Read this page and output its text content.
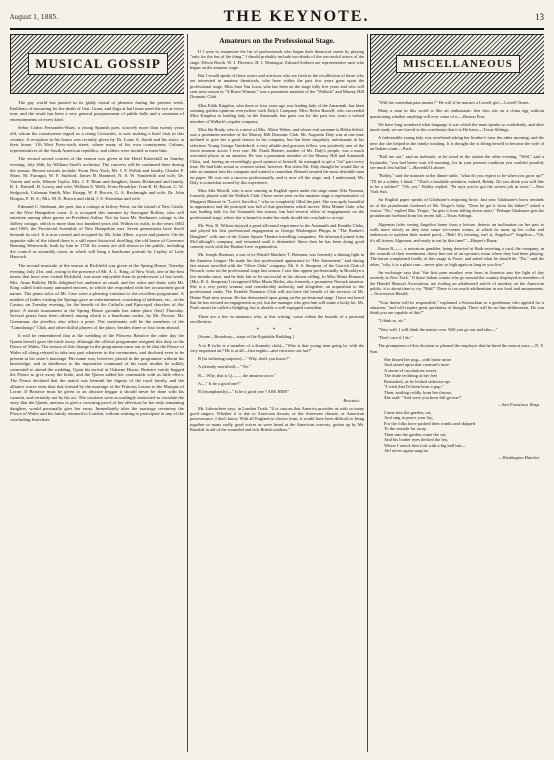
August 1, 1885.	THE KEYNOTE.	13
MUSICAL GOSSIP

The gay world has paused in its giddy round of pleasure during the present week. Emblems of mourning for the death of Gen. Grant, and flags at half mast meet the eye at every turn, and the result has been a very general postponement of public balls and a cessation of entertainments of every kind.

Señor Carlos Fernandez-Shaw, a young Spanish poet, scarcely more than twenty years old, whom his countrymen regard as a rising Cervantes, is now making a brief visit in this country. A reception in his honor was recently given by Dr. Louis A. Sarah and his sister, at their home, 116 West Forty-sixth street, where many of his own countrymen, Cubans, representatives of the South American republics, and others were invited to meet him.

The second sacred concert of the season was given at the Hotel Katerskill on Sunday evening, July 26th, by William Stoel's orchestra. The concerts will be continued there during the season. Recent arrivals include: From New York, Mr. J. F. Pollak and family, Charles P. Shaw, M. Farragut, W. F. Stafford, James H. Hammel, N. S. W. Vanderbilt and wife, Dr. Varren and wife, Minnie Taylor, Mrs. J. F. Blum and daughter, James Richmond and family, R. L. Burnell, B. Lowry and wife, William S. Wells. From Brooklyn: Ivan R. H. Bacon, C. W. Sedgwick, Coleman Smith, Mrs. Knapp, W. F. Brown, G. A. Reckmagle and wife, Dr. John Horgan, F. H. S.; Mrs. M. E. Brown and child, I. S. Sternshus and wife.

Edmund C. Stedman, the poet, has a cottage at Jaffrey Point, on the island of New Castle, on the New Hampshire coast. It is occupied this summer by Surrogate Rollins, who will entertain among other guests ex-President Arthur. Not far from Mr. Stedman's cottage is the Jaffrey cottage, which is more than two hundred years old. Within its walls, in the years 1682 and 1683, the Provincial Assembly of New Hampshire met. Seven generations have dwelt beneath its roof. It is now owned and occupied by Mr. John Albee, a poet and painter. On the opposite side of the island there is a still more historical dwelling, the old home of Governor Benning Wentworth, built by him in 1750. Its rooms are still shown to the public, including the council or assembly room, in which will hang a handsome portrait by Copley of Lady Hancock.

The second musicale of the season at Richfield was given at the Spring House, Tuesday evening, July 21st, and, owing to the presence of Mr. A. L. King, of New York, one of the best tenors that have ever visited Richfield, was more enjoyable than its predecessor of last week. Mrs. Anna Bulkley Hills delighted her audience as usual, and her solos and duets with Mr. King called forth many animated encores, to which she responded with her accustomed good nature. The piano solos of Mr. Case were a pleasing variation to the excellent programme. A number of ladies visiting the Springs gave an entertainment, consisting of tableaux, etc., at the Casino, on Tuesday evening, for the benefit of the Catholic and Episcopal churches of this place. A tennis tournament at the Spring House grounds has taken place (last) Thursday. Several prizes have been offered, among which is a handsome racket, by Mr. Proctor. Mr. Greenman, the jeweller, also offers a prize. The contestants will be the members of the "Canadarago" Club, and other skilful players of the place, besides three or four from abroad.

It will be remembered that at the wedding of the Princess Beatrice the other day the Queen herself gave the bride away, although the official programme assigned this duty to the Prince of Wales. The reason of this change in the programme turns out to be that the Prince of Wales all along refused to take any part whatever in the ceremonies, and declined even to be present at his sister's marriage. His name was, however, placed in the programme without his knowledge, and in obedience to the imperative command of his royal mother he sulkily consented to attend the wedding. Upon his arrival at Osborne House, Beatrice vainly begged the Prince to give away the bride, and the Queen added her commands with as little effect. The Prince declared that the match was beneath the dignity of the royal family, and the alliance worse even than that formed by the marriage of the Princess Louise to the Marquis of Lorne. If Beatrice must be given to an obscure beggar it should never be done with his consent, and certainly not by his act. The courtiers were accordingly instructed to circulate the story that the Queen, anxious to give a crowning proof of her affection for her only remaining daughter, would personally give her away. Immediately after the marriage ceremony the Prince of Wales and his family returned to London, without waiting to participate in any of the concluding festivities.

Amateurs on the Professional Stage.

If I were to enumerate the list of professionals who began their theatrical career by playing "only for the fun of the thing," I should probably include two-thirds of the successful actors of the stage. Edwin Booth, W. J. Florence, H. J. Montague, Edward Sothern are representative men who began on the amateur stage.

But I would speak of those actors and actresses who are fresh in the recollection of those who are interested in amateur theatricals, who have within the past few years gone upon the professional stage. Miss Sara Van Loon, who has been on the stage fully five years and who will start next season in "A Brave Woman," was a prominent member of the "Wallack" and Murray Hill Dramatic Club.

Miss Edith Kingdon, who three or four years ago was leading lady of the Amaranth, has been winning golden opinions everywhere with Daly's Company. Miss Helen Russell, who succeeded Miss Kingdon as leading lady in the Amaranth, has gone out for the past two years a valued member of Wallack's regular company.

Miss Ida Brady, who is a niece of Mrs. Albert Weber, and whose real surname is Helen Seibel, was a prominent member of the Murray Hill Dramatic Club. Mr. Augustin Daly was at one time inclined to give her a good chance in his company, but has been singularly unfortunate in his selection. Young George Vanderhoff, a very affable and gracious fellow, was positively one of the worst amateur actors I ever saw. Mr. Frank Bennet, another of Mr. Daly's people, was a much overrated player as an amateur. He was a prominent member of the Murray Hill and Amaranth Clubs, and, having an exceedingly good opinion of himself, he managed to get a "fat" part every time. He had little actual or creative talent, however. But when Mr. Daly thought he would like to take an amateur into his company and wanted a comedian, Bennett seemed the most desirable man on paper. He was not a success professionally, and is now off the stage, and, I understand, Mr. Daly is somewhat soured by this experience.

Miss Alla Merrill, who is now starring in English opera under the stage name Alfa Norman, formerly played with the Wallack Club. I have never seen on the amateur stage a representative of Margaret Blanore in "Love's Sacrifice," who so completely filled the part. She was aptly beautiful in appearance and the portrayal was full of that gentleness which moves. Miss Minnie Gale, who was leading lady for the Amaranth last season, has had several offers of engagements on the professional stage, where she is bound to make her mark should she conclude to accept.

Mr. Wm. R. Wilson enjoyed a good all-round experience in the Amaranth and Kemble Clubs, and played his first professional engagement as George Washington Phipps in "The Banker's Daughter" with one of the Union Square Theatre travelling companies. He afterward joined John McCullough's company, and remained until it disbanded. Since then he has been doing good comedy work with the Hanlon-Lees' organization.

Mr. Joseph Brennan, a son of ex-Sheriff Matthew T. Brennan, was formerly a shining light in the Amateur League. He made his first professional appearance in "Her Atonement," and during last season travelled with the "Silver Oaks" company. Mr. S. S. Simpson, of the Garrick Club of Newark, went on the professional stage last season. I saw him appear professionally in Brooklyn a few months since, and he bids fair to be successful in his chosen calling. In Miss Maria Brainard (Mrs. R. S. Simpson) I recognized Miss Maria Hailes, also formerly a prominent Newark amateur. She is a very pretty woman, and considerably authority, and altogether, an acquisition to the professional ranks. The Kemble Dramatic Club will not have the benefit of the services of Mr. Deane Pratt next season. He has determined upon going on the professional stage. I have not heard that he has secured an engagement as yet, but the manager who gets him will make a lucky hit. Mr. Pratt cannot be called a fledgling, but is already a well-equipped comedian.

These are a few ex-amateurs who, at this writing, come within the bounds of a personal recollection.

* * *

[Scene—Broadway—steps of the Equitable Building.]

A to B (who is a member of a dramatic club)—"Who is that young man going by with the very important air? He is at all—first nights—and criticises our fun?"

B (in withering surprise)—" Why, don't you know?"

A (already mortified)—" No."

B— Why, that is Q——, the amateur actor."

A—" Is he a good one?"

B (triumphantly)—" Is he a good one ? ASK HIM!"

Rescutto.

Mr. Labouchere says, in London Truth: "It is curious that America provides us with so many good singers. Whether it is due to American throats, or the American climate, or American perseverance, I don't know. With all England to choose from, it would have been difficult to bring together so many really good voices as were heard at the American concerts, gotten up by Mr. Ronalds in aid of the wounded and sick British soldiers."

MISCELLANEOUS

"Will the comedian pass muster?" He will if he marries a Lowell girl.—Lowell Times.

Many a man in this world is like an enthusiastic hen who sits on a china egg without questioning whether anything will ever come of it.—Boston Post.

We have long wondered what language it was which the mute speaks so confidently, and after much study we are forced to the conclusion that it is He-brew.—Texas Siftings.

A fashionable young lady was overheard asking her brother's tutor the other morning, and the next day she helped in the family washing. It is thought she is fitting herself to become the wife of an Italian count.—Puck.

"Ball me out," said an inebriate, as he stood in the station the other evening. "Well," said a bystander, "you had better wait till morning, for in your present condition you couldn't possibly see much less ballad."—Haverhill Laborer.

"Bobby," said the minister at the dinner table, "what do you expect to be when you grow up?" "I'll be a soldier, I think." "That's a laudable ambition, indeed, Bobby. Do you think you will like to be a soldier?" "Oh, yes," Bobby replied. "Pa says you've got the softest job in town."—New York Sun.

An English paper speaks of Gladstone's imposing brow. Just now Gladstone's brow reminds us of the protuberant forehead of Mr. Yerger's baby. "Does he get it from his father?" asked a visitor. "No," replied Mrs. Yerger, "he gets it from falling down stairs." Perhaps Gladstone gets his protuberant forehead from his recent fall.—Texas Siftings.

Algernon (who seeing Angelica home from a lecture, detects an inclination on her part to walk more slowly as they near some ice-cream rooms, at which he turns up his collar and endeavors to quicken their united pace)—"Bah! It's freezing, isn't it, Angelica?" Angelica—"Oh, it's all frozen, Algernon, and ready to eat by this time!"—Harper's Bazar.

Baron B——, a notorious gambler, being detected at Bath secreting a card, the company, in the warmth of their resentment, threw him out of an up-stairs room where they had been playing. The baron complained loudly of this usage to Foote, and asked what he should do. "Do," said the other, "why, it is a plain case—never play so high again as long as you live."

An exchange says that "the first pure monkey ever born in America saw the light of day recently in New York." If these Italian counts who go around the country displayed as members of the Handel Musical Association, are fooling an adulterated article of monkey on the American public, it is about time to cry "Halt!" There is too much adulteration in our food and amusements.—Norristown Herald.

"Your duties will be responsible," explained a Kentuckian to a gentleman who applied for a situation, "and will require great quickness of thought. There will be no fine deliberation. Do you think you are capable of this?"

"I think so, sir."

"Very well. I will think the matter over. Will you go out and take—"

"Don't care if I do."

The promptness of this decision so pleased the employer that he hired the man at once.—N. Y. Sun.

She kissed her pug—with haste arose
And raised upon that creature's nose
A storm of osculations sweet.
The dude reclining at her feet
Remarked, as he looked sidewise up:
"I wish that I'd been born a pup."
Then, smiling coldly from her throne,
She said: "And were you born full grown?"
—San Francisco Wasp.
Come into the garden, cat,
And sing in peace your lay,
For the folks have packed their trunks and skipped
To the seaside far away.
Then into the garden come the cat,
And his louder eyes decked the lea,
Where I struck him foul with a big ball bat—
Ah! never again sang he.
—Washington Hatchet.
